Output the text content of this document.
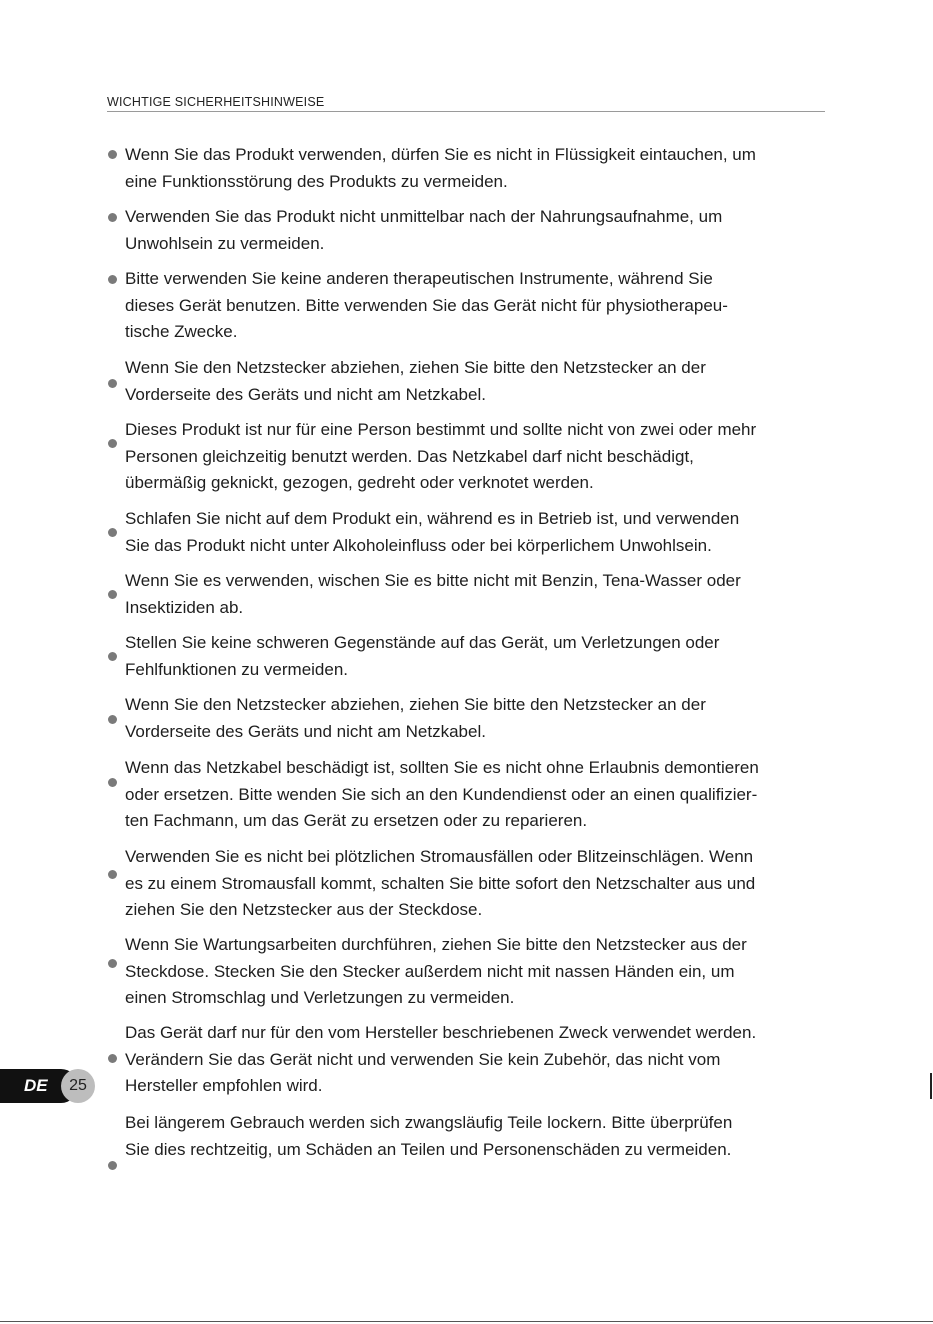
WICHTIGE SICHERHEITSHINWEISE
Wenn Sie das Produkt verwenden, dürfen Sie es nicht in Flüssigkeit eintauchen, um
eine Funktionsstörung des Produkts zu vermeiden.
Verwenden Sie das Produkt nicht unmittelbar nach der Nahrungsaufnahme, um
Unwohlsein zu vermeiden.
Bitte verwenden Sie keine anderen therapeutischen Instrumente, während Sie
dieses Gerät benutzen. Bitte verwenden Sie das Gerät nicht für physiotherapeu-
tische Zwecke.
Wenn Sie den Netzstecker abziehen, ziehen Sie bitte den Netzstecker an der
Vorderseite des Geräts und nicht am Netzkabel.
Dieses Produkt ist nur für eine Person bestimmt und sollte nicht von zwei oder mehr
Personen gleichzeitig benutzt werden. Das Netzkabel darf nicht beschädigt,
übermäßig geknickt, gezogen, gedreht oder verknotet werden.
Schlafen Sie nicht auf dem Produkt ein, während es in Betrieb ist, und verwenden
Sie das Produkt nicht unter Alkoholeinfluss oder bei körperlichem Unwohlsein.
Wenn Sie es verwenden, wischen Sie es bitte nicht mit Benzin, Tena-Wasser oder
Insektiziden ab.
Stellen Sie keine schweren Gegenstände auf das Gerät, um Verletzungen oder
Fehlfunktionen zu vermeiden.
Wenn Sie den Netzstecker abziehen, ziehen Sie bitte den Netzstecker an der
Vorderseite des Geräts und nicht am Netzkabel.
Wenn das Netzkabel beschädigt ist, sollten Sie es nicht ohne Erlaubnis demontieren
oder ersetzen. Bitte wenden Sie sich an den Kundendienst oder an einen qualifizier-
ten Fachmann, um das Gerät zu ersetzen oder zu reparieren.
Verwenden Sie es nicht bei plötzlichen Stromausfällen oder Blitzeinschlägen. Wenn
es zu einem Stromausfall kommt, schalten Sie bitte sofort den Netzschalter aus und
ziehen Sie den Netzstecker aus der Steckdose.
Wenn Sie Wartungsarbeiten durchführen, ziehen Sie bitte den Netzstecker aus der
Steckdose. Stecken Sie den Stecker außerdem nicht mit nassen Händen ein, um
einen Stromschlag und Verletzungen zu vermeiden.
Das Gerät darf nur für den vom Hersteller beschriebenen Zweck verwendet werden.
Verändern Sie das Gerät nicht und verwenden Sie kein Zubehör, das nicht vom
Hersteller empfohlen wird.
Bei längerem Gebrauch werden sich zwangsläufig Teile lockern. Bitte überprüfen
Sie dies rechtzeitig, um Schäden an Teilen und Personenschäden zu vermeiden.
DE	25
